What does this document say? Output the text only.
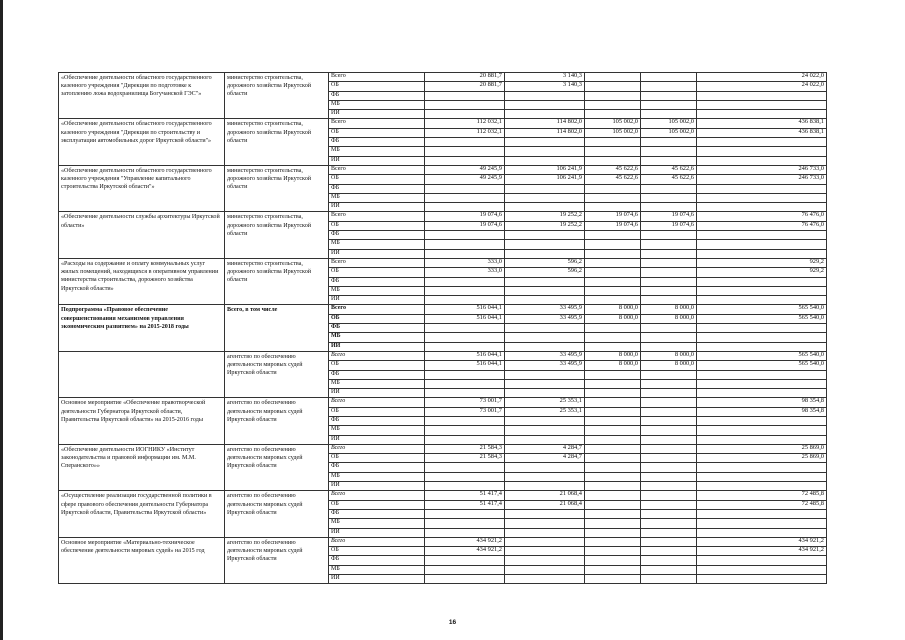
«Обеспечение деятельности областного государственного казенного учреждения "Дирекция по подготовке к затоплению ложа водохранилища Богучанской ГЭС"»	министерство строительства, дорожного хозяйства Иркутской области	Всего	20 881,7	3 140,3			24 022,0
		ОБ	20 881,7	3 140,3			24 022,0
		ФБ					
		МБ					
		ИИ					
«Обеспечение деятельности областного государственного казенного учреждения "Дирекция по строительству и эксплуатации автомобильных дорог Иркутской области"»	министерство строительства, дорожного хозяйства Иркутской области	Всего	112 032,1	114 802,0	105 002,0	105 002,0	436 838,1
		ОБ	112 032,1	114 802,0	105 002,0	105 002,0	436 838,1
		ФБ					
		МБ					
		ИИ					
«Обеспечение деятельности областного государственного казенного учреждения "Управление капитального строительства Иркутской области"»	министерство строительства, дорожного хозяйства Иркутской области	Всего	49 245,9	106 241,9	45 622,6	45 622,6	246 733,0
		ОБ	49 245,9	106 241,9	45 622,6	45 622,6	246 733,0
		ФБ					
		МБ					
		ИИ					
«Обеспечение деятельности службы архитектуры Иркутской области»	министерство строительства, дорожного хозяйства Иркутской области	Всего	19 074,6	19 252,2	19 074,6	19 074,6	76 476,0
		ОБ	19 074,6	19 252,2	19 074,6	19 074,6	76 476,0
		ФБ					
		МБ					
		ИИ					
«Расходы на содержание и оплату коммунальных услуг жилых помещений, находящихся в оперативном управлении министерства строительства, дорожного хозяйства Иркутской области»	министерство строительства, дорожного хозяйства Иркутской области	Всего	333,0	596,2			929,2
		ОБ	333,0	596,2			929,2
		ФБ					
		МБ					
		ИИ					
Подпрограмма «Правовое обеспечение совершенствования механизмов управления экономическим развитием» на 2015-2018 годы	Всего, в том числе	Всего	516 044,1	33 495,9	8 000,0	8 000,0	565 540,0
		ОБ	516 044,1	33 495,9	8 000,0	8 000,0	565 540,0
		ФБ					
		МБ					
		ИИ					
	агентство по обеспечению деятельности мировых судей Иркутской области	Всего	516 044,1	33 495,9	8 000,0	8 000,0	565 540,0
		ОБ	516 044,1	33 495,9	8 000,0	8 000,0	565 540,0
		ФБ					
		МБ					
		ИИ					
Основное мероприятие «Обеспечение правотворческой деятельности Губернатора Иркутской области, Правительства Иркутской области» на 2015-2016 годы	агентство по обеспечению деятельности мировых судей Иркутской области	Всего	73 001,7	25 353,1			98 354,8
		ОБ	73 001,7	25 353,1			98 354,8
		ФБ					
		МБ					
		ИИ					
«Обеспечение деятельности ИОГНИКУ «Институт законодательства и правовой информации им. М.М. Сперанского»»	агентство по обеспечению деятельности мировых судей Иркутской области	Всего	21 584,3	4 284,7			25 869,0
		ОБ	21 584,3	4 284,7			25 869,0
		ФБ					
		МБ					
		ИИ					
«Осуществление реализации государственной политики в сфере правового обеспечения деятельности Губернатора Иркутской области, Правительства Иркутской области»	агентство по обеспечению деятельности мировых судей Иркутской области	Всего	51 417,4	21 068,4			72 485,8
		ОБ	51 417,4	21 068,4			72 485,8
		ФБ					
		МБ					
		ИИ					
Основное мероприятие «Материально-техническое обеспечение деятельности мировых судей» на 2015 год	агентство по обеспечению деятельности мировых судей Иркутской области	Всего	434 921,2				434 921,2
		ОБ	434 921,2				434 921,2
		ФБ					
		МБ					
		ИИ					
16
